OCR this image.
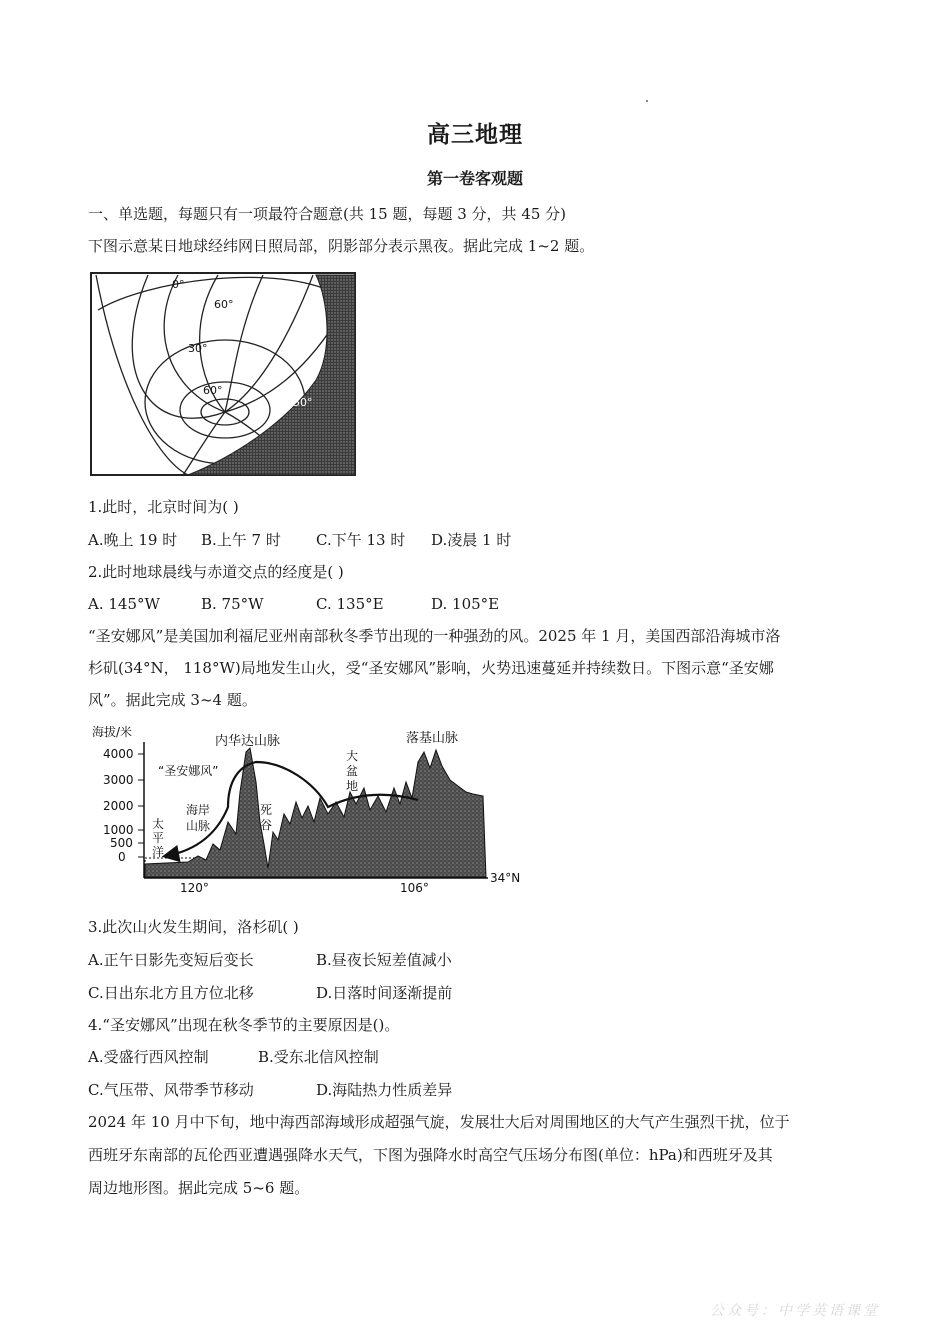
高三地理
第一卷客观题
一、单选题，每题只有一项最符合题意(共 15 题，每题 3 分，共 45 分)
下图示意某日地球经纬网日照局部，阴影部分表示黑夜。据此完成 1~2 题。
0°
60°
30°
60°
150°
1.此时，北京时间为( )
A.晚上 19 时 B.上午 7 时 C.下午 13 时 D.凌晨 1 时
2.此时地球晨线与赤道交点的经度是( )
A. 145°W	B. 75°W	C. 135°E	D. 105°E
“圣安娜风”是美国加利福尼亚州南部秋冬季节出现的一种强劲的风。2025 年 1 月，美国西部沿海城市洛
杉矶(34°N， 118°W)局地发生山火，受“圣安娜风”影响，火势迅速蔓延并持续数日。下图示意“圣安娜
风”。据此完成 3~4 题。
海拔/米
4000
3000
2000
1000
500
0
内华达山脉	落基山脉
“圣安娜风”
海岸
山脉
死
谷
大
盆
地
太
平
洋
120°	106°
34°N
3.此次山火发生期间，洛杉矶( )
A.正午日影先变短后变长	B.昼夜长短差值减小
C.日出东北方且方位北移	D.日落时间逐渐提前
4.“圣安娜风”出现在秋冬季节的主要原因是()。
A.受盛行西风控制	B.受东北信风控制
C.气压带、风带季节移动	D.海陆热力性质差异
2024 年 10 月中下旬，地中海西部海域形成超强气旋，发展壮大后对周围地区的大气产生强烈干扰，位于
西班牙东南部的瓦伦西亚遭遇强降水天气，下图为强降水时高空气压场分布图(单位：hPa)和西班牙及其
周边地形图。据此完成 5~6 题。
公众号：中学英语课堂
